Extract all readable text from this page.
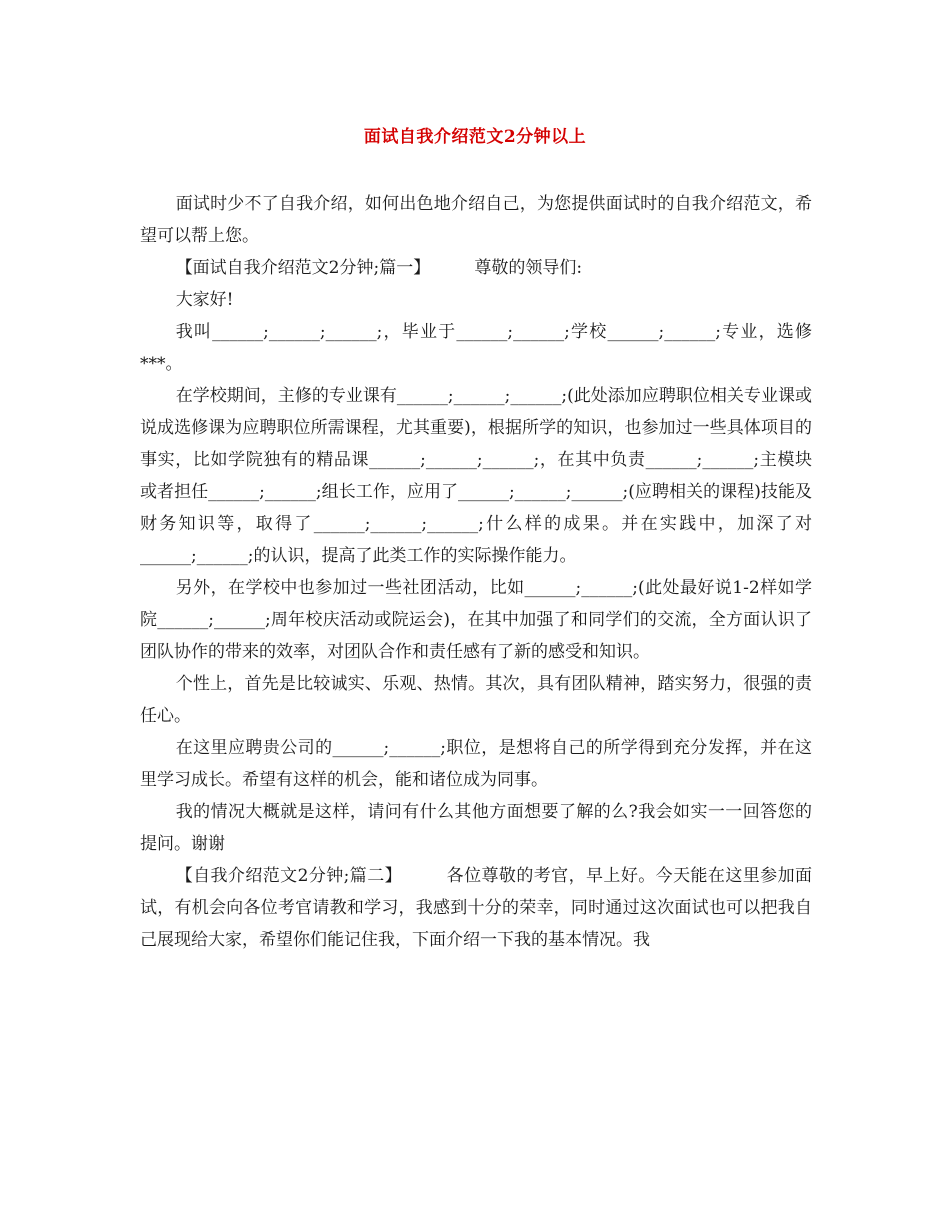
面试自我介绍范文2分钟以上

面试时少不了自我介绍，如何出色地介绍自己，为您提供面试时的自我介绍范文，希望可以帮上您。

【面试自我介绍范文2分钟;篇一】	尊敬的领导们:

大家好!

我叫______;______;______;，毕业于______;______;学校______;______;专业，选修***。

在学校期间，主修的专业课有______;______;______;(此处添加应聘职位相关专业课或说成选修课为应聘职位所需课程，尤其重要)，根据所学的知识，也参加过一些具体项目的事实，比如学院独有的精品课______;______;______;，在其中负责______;______;主模块或者担任______;______;组长工作，应用了______;______;______;(应聘相关的课程)技能及财务知识等，取得了______;______;______;什么样的成果。并在实践中，加深了对______;______;的认识，提高了此类工作的实际操作能力。

另外，在学校中也参加过一些社团活动，比如______;______;(此处最好说1-2样如学院______;______;周年校庆活动或院运会)，在其中加强了和同学们的交流，全方面认识了团队协作的带来的效率，对团队合作和责任感有了新的感受和知识。

个性上，首先是比较诚实、乐观、热情。其次，具有团队精神，踏实努力，很强的责任心。

在这里应聘贵公司的______;______;职位，是想将自己的所学得到充分发挥，并在这里学习成长。希望有这样的机会，能和诸位成为同事。

我的情况大概就是这样，请问有什么其他方面想要了解的么?我会如实一一回答您的提问。谢谢

【自我介绍范文2分钟;篇二】	各位尊敬的考官，早上好。今天能在这里参加面试，有机会向各位考官请教和学习，我感到十分的荣幸，同时通过这次面试也可以把我自己展现给大家，希望你们能记住我，下面介绍一下我的基本情况。我
